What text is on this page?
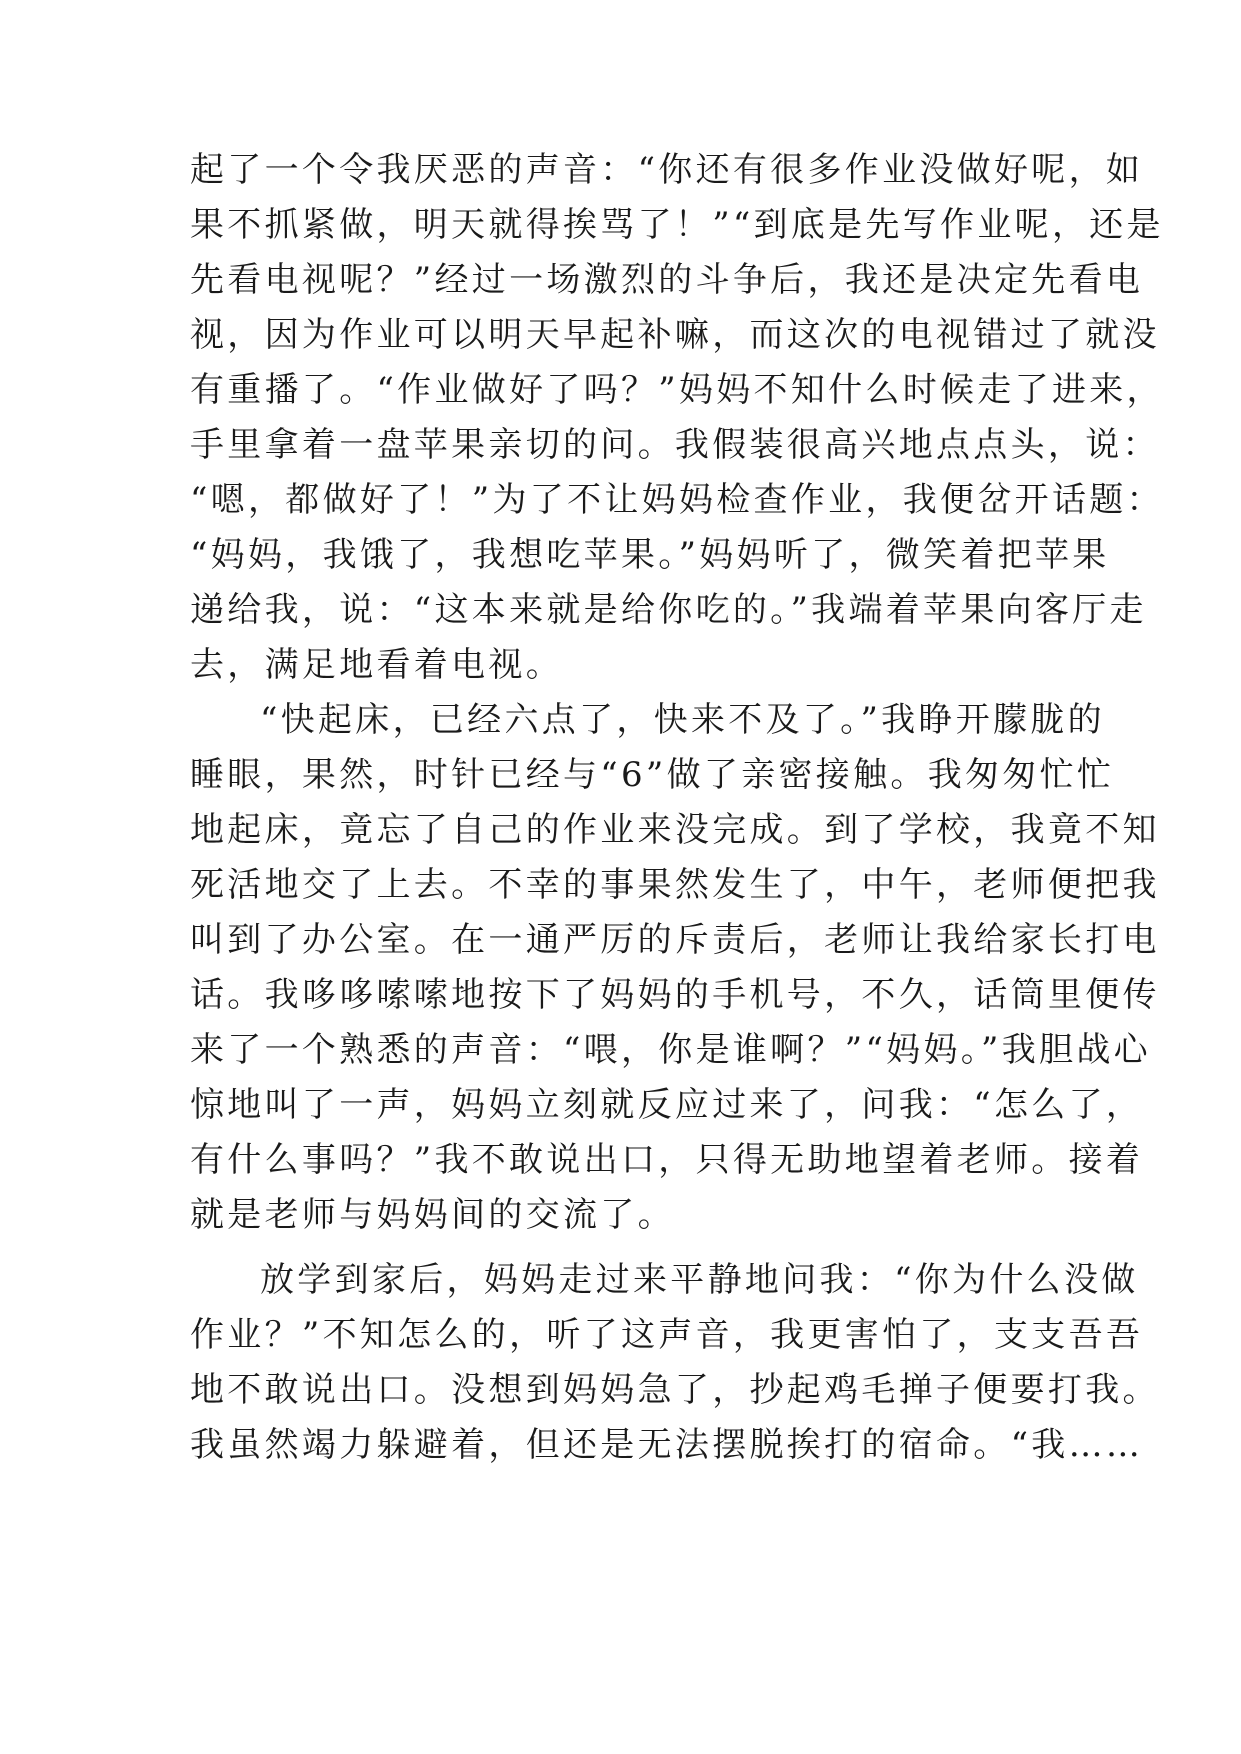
起了一个令我厌恶的声音：“你还有很多作业没做好呢，如
果不抓紧做，明天就得挨骂了！”“到底是先写作业呢，还是
先看电视呢？”经过一场激烈的斗争后，我还是决定先看电
视，因为作业可以明天早起补嘛，而这次的电视错过了就没
有重播了。“作业做好了吗？”妈妈不知什么时候走了进来，
手里拿着一盘苹果亲切的问。我假装很高兴地点点头，说：
“嗯，都做好了！”为了不让妈妈检查作业，我便岔开话题：
“妈妈，我饿了，我想吃苹果。”妈妈听了，微笑着把苹果
递给我，说：“这本来就是给你吃的。”我端着苹果向客厅走
去，满足地看着电视。
“快起床，已经六点了，快来不及了。”我睁开朦胧的
睡眼，果然，时针已经与“6”做了亲密接触。我匆匆忙忙
地起床，竟忘了自己的作业来没完成。到了学校，我竟不知
死活地交了上去。不幸的事果然发生了，中午，老师便把我
叫到了办公室。在一通严厉的斥责后，老师让我给家长打电
话。我哆哆嗦嗦地按下了妈妈的手机号，不久，话筒里便传
来了一个熟悉的声音：“喂，你是谁啊？”“妈妈。”我胆战心
惊地叫了一声，妈妈立刻就反应过来了，问我：“怎么了，
有什么事吗？”我不敢说出口，只得无助地望着老师。接着
就是老师与妈妈间的交流了。
放学到家后，妈妈走过来平静地问我：“你为什么没做
作业？”不知怎么的，听了这声音，我更害怕了，支支吾吾
地不敢说出口。没想到妈妈急了，抄起鸡毛掸子便要打我。
我虽然竭力躲避着，但还是无法摆脱挨打的宿命。“我……
